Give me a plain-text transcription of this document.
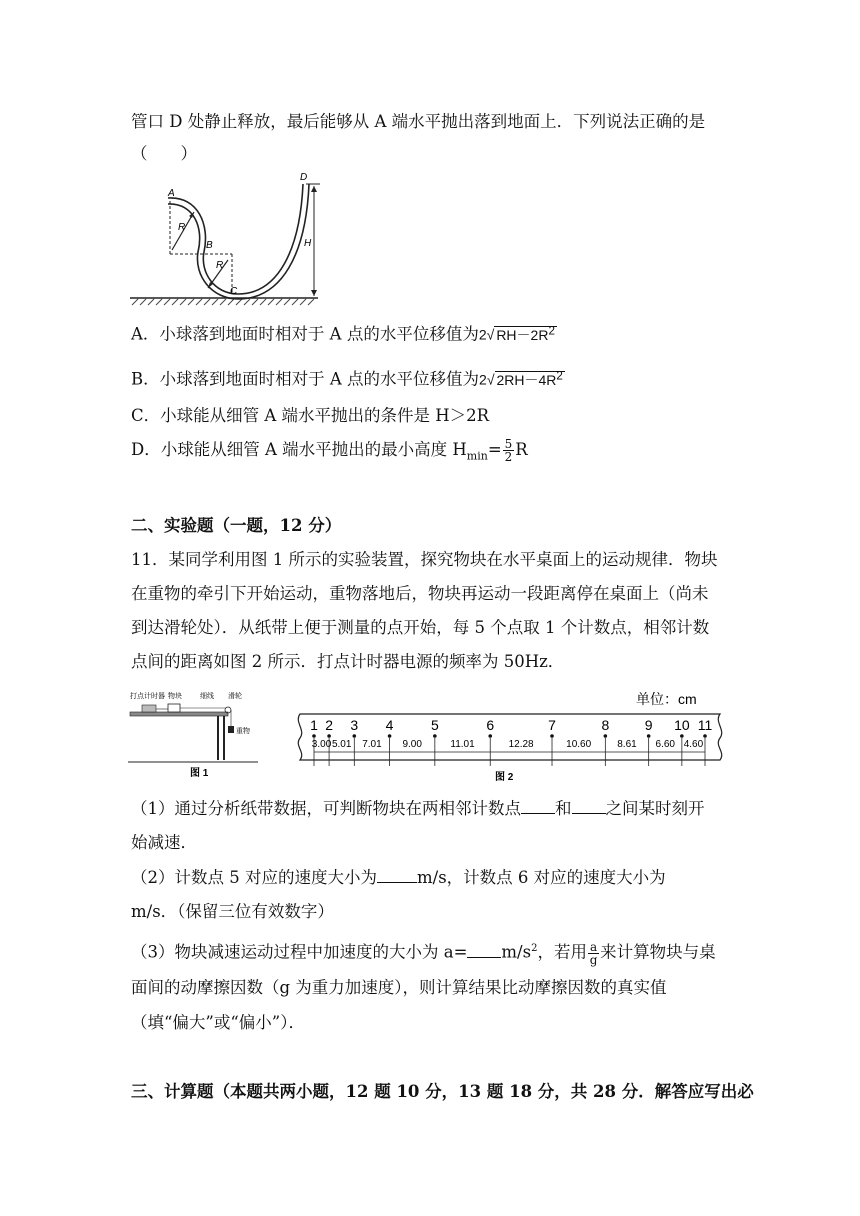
管口 D 处静止释放，最后能够从 A 端水平抛出落到地面上．下列说法正确的是
（　　）
A
B
C
D
R
R
H
A．小球落到地面时相对于 A 点的水平位移值为2√ $RH-2R^2$
B．小球落到地面时相对于 A 点的水平位移值为2√ $2RH-4R^2$
C．小球能从细管 A 端水平抛出的条件是 H＞2R
D．小球能从细管 A 端水平抛出的最小高度 $H_{min}= \frac{5}{2}$ R
二、实验题（一题，12 分）
11．某同学利用图 1 所示的实验装置，探究物块在水平桌面上的运动规律．物块
在重物的牵引下开始运动，重物落地后，物块再运动一段距离停在桌面上（尚未
到达滑轮处）．从纸带上便于测量的点开始，每 5 个点取 1 个计数点，相邻计数
点间的距离如图 2 所示．打点计时器电源的频率为 50Hz．
打点计时器 物块	细线 滑轮
重物
图 1
单位：cm
1 2 3 4	5	6	7	8	9 10 11
3.00 5.01 7.01 9.00	11.01	12.28	10.60	8.61 6.60 4.60
图 2
（1）通过分析纸带数据，可判断物块在两相邻计数点 和 之间某时刻开
始减速．
（2）计数点 5 对应的速度大小为 m/s，计数点 6 对应的速度大小为
m/s．（保留三位有效数字）
（3）物块减速运动过程中加速度的大小为 $a= m/s^2$，若用 $\frac{a}{g}$ 来计算物块与桌
面间的动摩擦因数（g 为重力加速度），则计算结果比动摩擦因数的真实值
（填“偏大”或“偏小”）．
三、计算题（本题共两小题，12 题 10 分，13 题 18 分，共 28 分．解答应写出必
